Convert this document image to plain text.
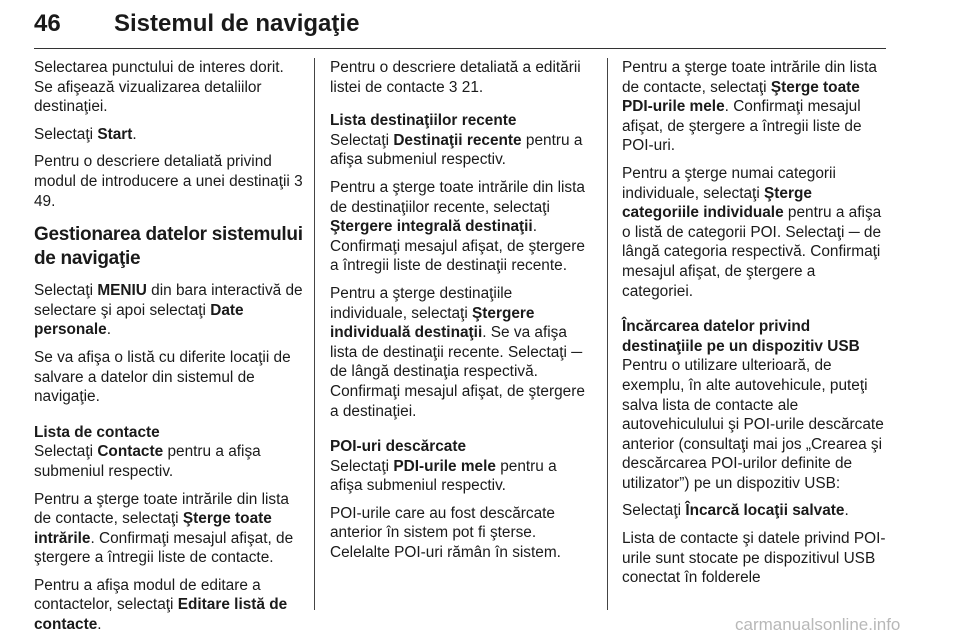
46 Sistemul de navigaţie

Selectarea punctului de interes dorit. Se afişează vizualizarea detaliilor destinaţiei.

Selectaţi Start.

Pentru o descriere detaliată privind modul de introducere a unei destinaţii 3 49.

Gestionarea datelor sistemului de navigaţie

Selectaţi MENIU din bara interactivă de selectare şi apoi selectaţi Date personale.

Se va afişa o listă cu diferite locaţii de salvare a datelor din sistemul de navigaţie.

Lista de contacte

Selectaţi Contacte pentru a afişa submeniul respectiv.

Pentru a şterge toate intrările din lista de contacte, selectaţi Şterge toate intrările. Confirmaţi mesajul afişat, de ştergere a întregii liste de contacte.

Pentru a afişa modul de editare a contactelor, selectaţi Editare listă de contacte.

Pentru o descriere detaliată a editării listei de contacte 3 21.

Lista destinaţiilor recente

Selectaţi Destinaţii recente pentru a afişa submeniul respectiv.

Pentru a şterge toate intrările din lista de destinaţiilor recente, selectaţi Ştergere integrală destinaţii. Confirmaţi mesajul afişat, de ştergere a întregii liste de destinaţii recente.

Pentru a şterge destinaţiile individuale, selectaţi Ştergere individuală destinaţii. Se va afişa lista de destinaţii recente. Selectaţi ─ de lângă destinaţia respectivă. Confirmaţi mesajul afişat, de ştergere a destinaţiei.

POI-uri descărcate

Selectaţi PDI-urile mele pentru a afişa submeniul respectiv.

POI-urile care au fost descărcate anterior în sistem pot fi şterse. Celelalte POI-uri rămân în sistem.

Pentru a şterge toate intrările din lista de contacte, selectaţi Şterge toate PDI-urile mele. Confirmaţi mesajul afişat, de ştergere a întregii liste de POI-uri.

Pentru a şterge numai categorii individuale, selectaţi Şterge categoriile individuale pentru a afişa o listă de categorii POI. Selectaţi ─ de lângă categoria respectivă. Confirmaţi mesajul afişat, de ştergere a categoriei.

Încărcarea datelor privind destinaţiile pe un dispozitiv USB

Pentru o utilizare ulterioară, de exemplu, în alte autovehicule, puteţi salva lista de contacte ale autovehiculului şi POI-urile descărcate anterior (consultaţi mai jos „Crearea şi descărcarea POI-urilor definite de utilizator”) pe un dispozitiv USB:

Selectaţi Încarcă locaţii salvate.

Lista de contacte şi datele privind POI-urile sunt stocate pe dispozitivul USB conectat în folderele

carmanualsonline.info
